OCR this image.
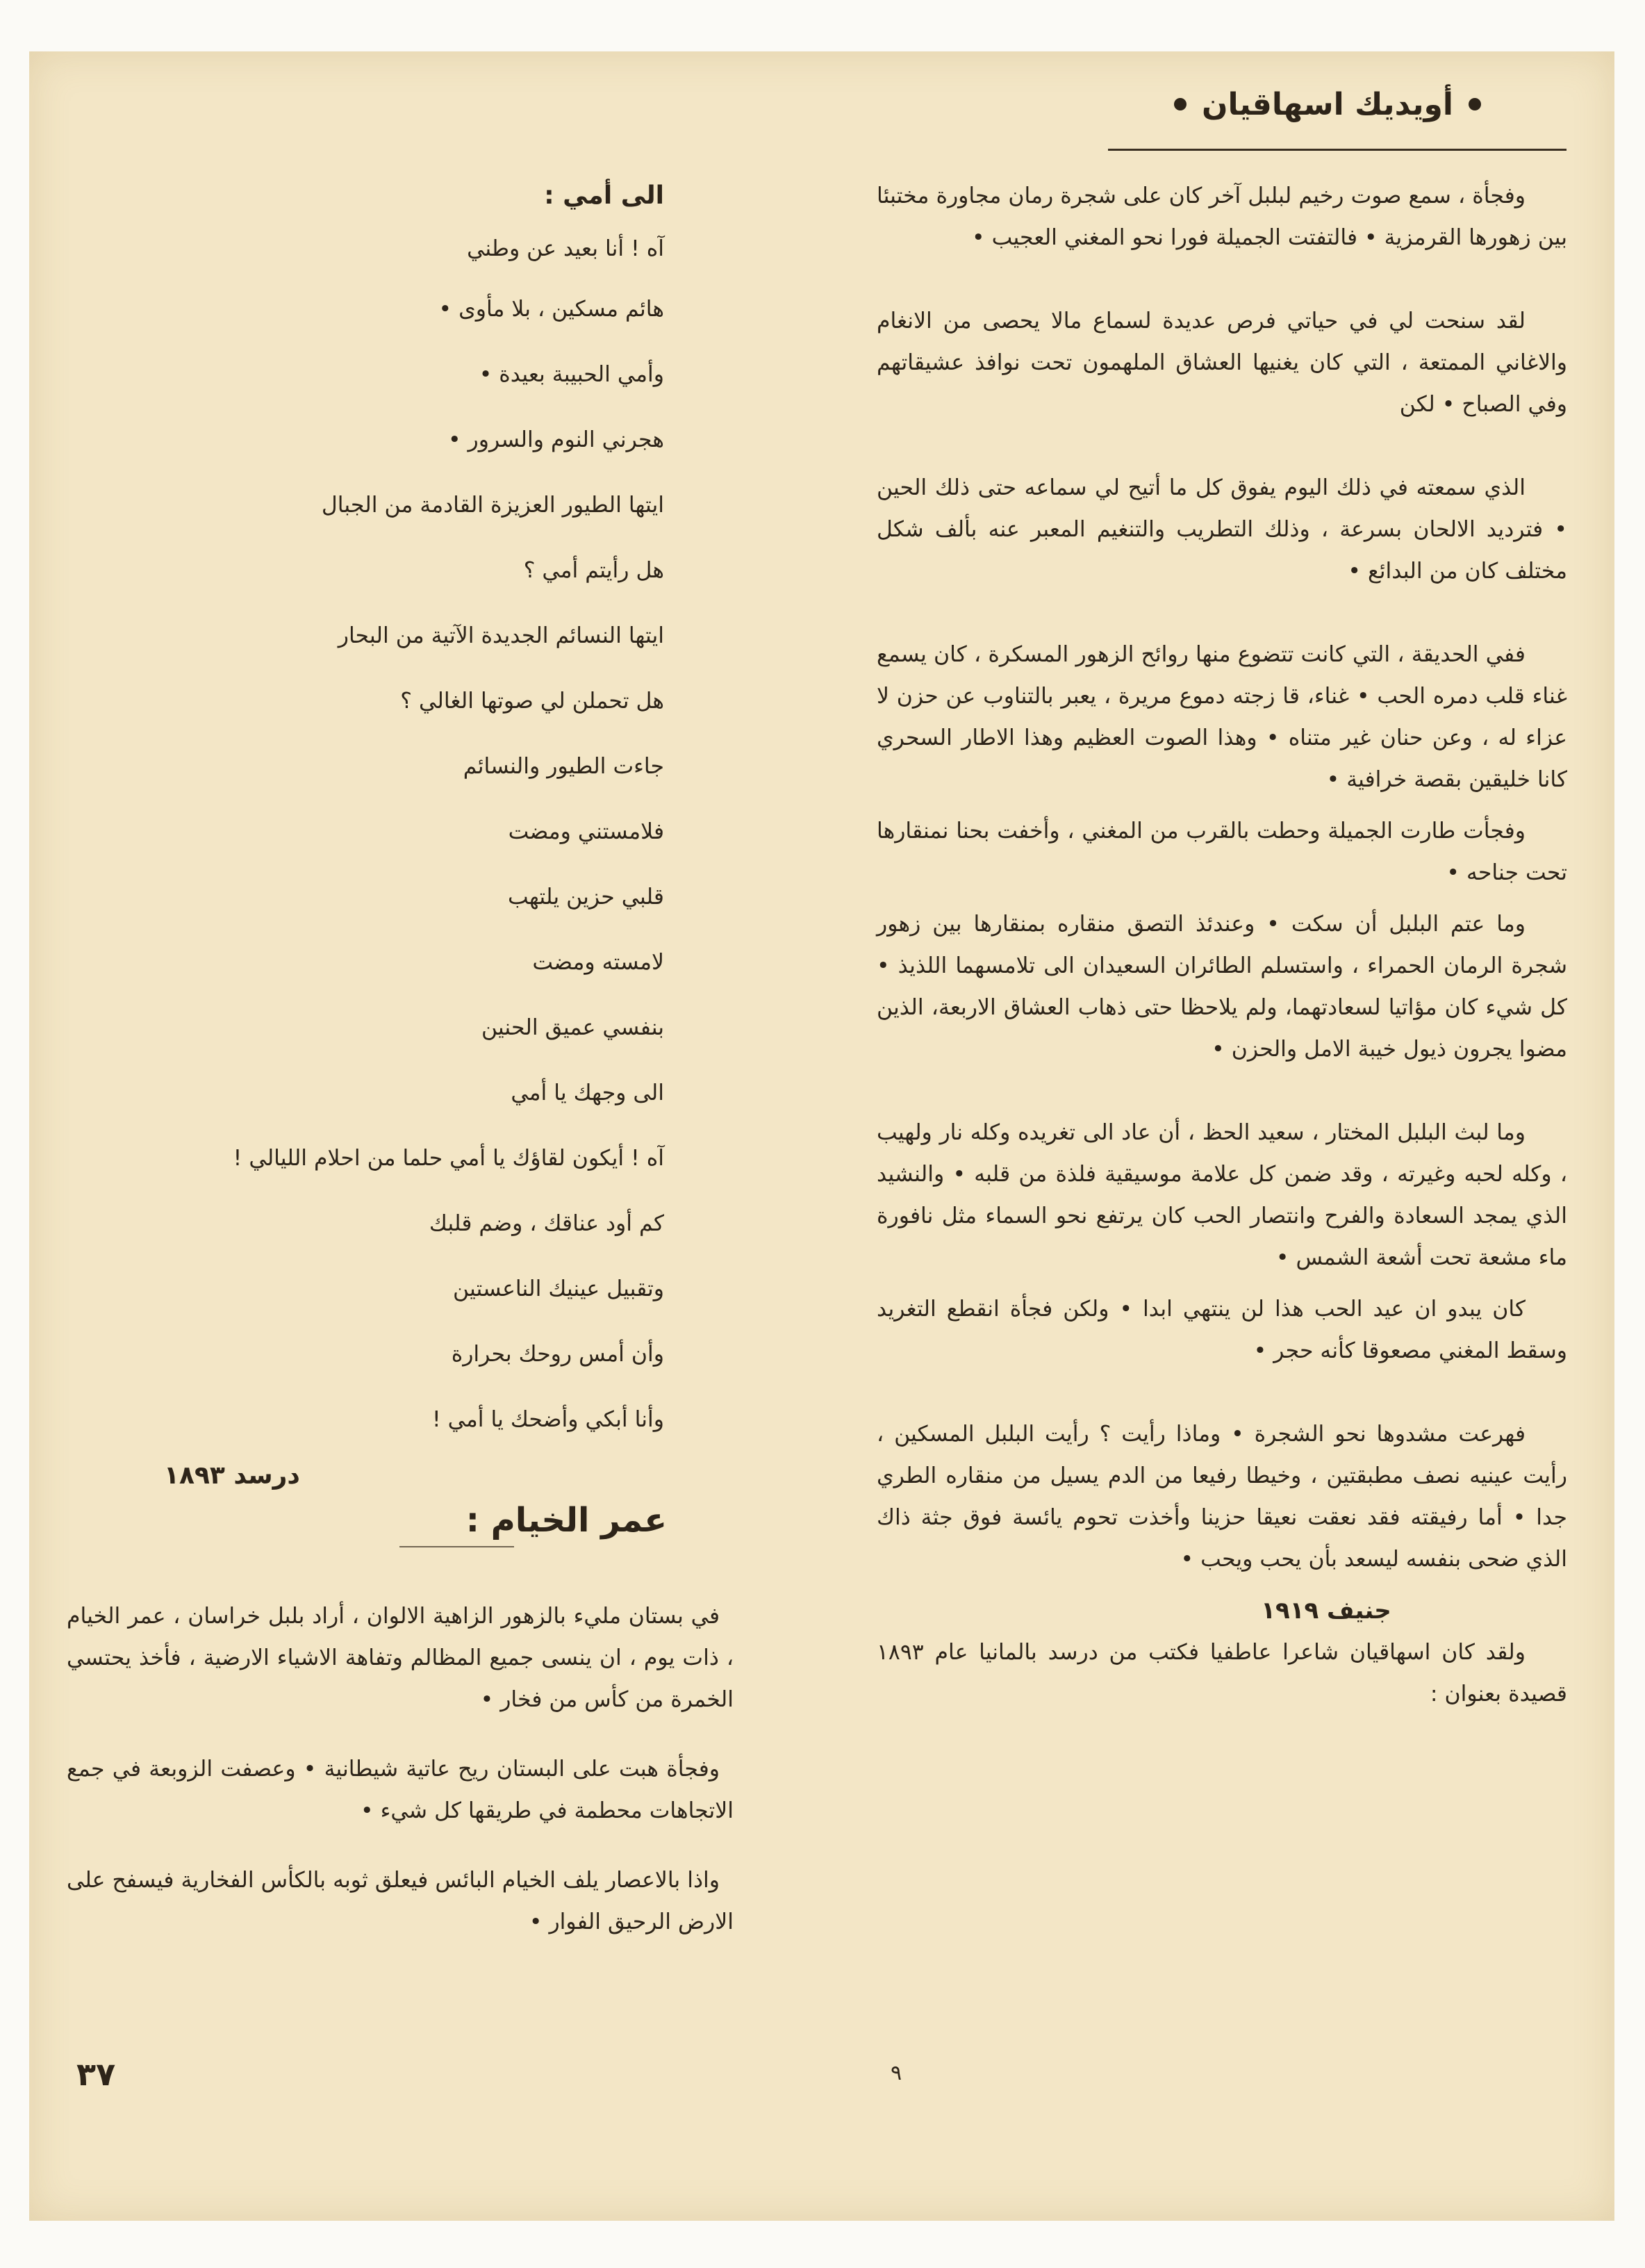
أويديك اسهاقيان

وفجأة ، سمع صوت رخيم لبلبل آخر كان على شجرة رمان مجاورة مختبئا بين زهورها القرمزية • فالتفتت الجميلة فورا نحو المغني العجيب •

لقد سنحت لي في حياتي فرص عديدة لسماع مالا يحصى من الانغام والاغاني الممتعة ، التي كان يغنيها العشاق الملهمون تحت نوافذ عشيقاتهم وفي الصباح • لكن

الذي سمعته في ذلك اليوم يفوق كل ما أتيح لي سماعه حتى ذلك الحين • فترديد الالحان بسرعة ، وذلك التطريب والتنغيم المعبر عنه بألف شكل مختلف كان من البدائع •

ففي الحديقة ، التي كانت تتضوع منها روائح الزهور المسكرة ، كان يسمع غناء قلب دمره الحب • غناء، قا زجته دموع مريرة ، يعبر بالتناوب عن حزن لا عزاء له ، وعن حنان غير متناه • وهذا الصوت العظيم وهذا الاطار السحري كانا خليقين بقصة خرافية •

وفجأت طارت الجميلة وحطت بالقرب من المغني ، وأخفت بحنا نمنقارها تحت جناحه •

وما عتم البلبل أن سكت • وعندئذ التصق منقاره بمنقارها بين زهور شجرة الرمان الحمراء ، واستسلم الطائران السعيدان الى تلامسهما اللذيذ • كل شيء كان مؤاتيا لسعادتهما، ولم يلاحظا حتى ذهاب العشاق الاربعة، الذين مضوا يجرون ذيول خيبة الامل والحزن •

وما لبث البلبل المختار ، سعيد الحظ ، أن عاد الى تغريده وكله نار ولهيب ، وكله لحبه وغيرته ، وقد ضمن كل علامة موسيقية فلذة من قلبه • والنشيد الذي يمجد السعادة والفرح وانتصار الحب كان يرتفع نحو السماء مثل نافورة ماء مشعة تحت أشعة الشمس •

كان يبدو ان عيد الحب هذا لن ينتهي ابدا • ولكن فجأة انقطع التغريد وسقط المغني مصعوقا كأنه حجر •

فهرعت مشدوها نحو الشجرة • وماذا رأيت ؟ رأيت البلبل المسكين ، رأيت عينيه نصف مطبقتين ، وخيطا رفيعا من الدم يسيل من منقاره الطري جدا • أما رفيقته فقد نعقت نعيقا حزينا وأخذت تحوم يائسة فوق جثة ذاك الذي ضحى بنفسه ليسعد بأن يحب ويحب •

جنيف ١٩١٩

ولقد كان اسهاقيان شاعرا عاطفيا فكتب من درسد بالمانيا عام ١٨٩٣ قصيدة بعنوان :

الى أمي :
آه ! أنا بعيد عن وطني
هائم مسكين ، بلا مأوى •
وأمي الحبيبة بعيدة •
هجرني النوم والسرور •
ايتها الطيور العزيزة القادمة من الجبال
هل رأيتم أمي ؟
ايتها النسائم الجديدة الآتية من البحار
هل تحملن لي صوتها الغالي ؟
جاءت الطيور والنسائم
فلامستني ومضت
قلبي حزين يلتهب
لامسته ومضت
بنفسي عميق الحنين
الى وجهك يا أمي
آه ! أيكون لقاؤك يا أمي حلما من احلام الليالي !
كم أود عناقك ، وضم قلبك
وتقبيل عينيك الناعستين
وأن أمس روحك بحرارة
وأنا أبكي وأضحك يا أمي !
درسد ١٨٩٣
عمر الخيام :

في بستان مليء بالزهور الزاهية الالوان ، أراد بلبل خراسان ، عمر الخيام ، ذات يوم ، ان ينسى جميع المظالم وتفاهة الاشياء الارضية ، فأخذ يحتسي الخمرة من كأس من فخار •

وفجأة هبت على البستان ريح عاتية شيطانية • وعصفت الزوبعة في جمع الاتجاهات محطمة في طريقها كل شيء •

واذا بالاعصار يلف الخيام البائس فيعلق ثوبه بالكأس الفخارية فيسفح على الارض الرحيق الفوار •

٣٧	٩
